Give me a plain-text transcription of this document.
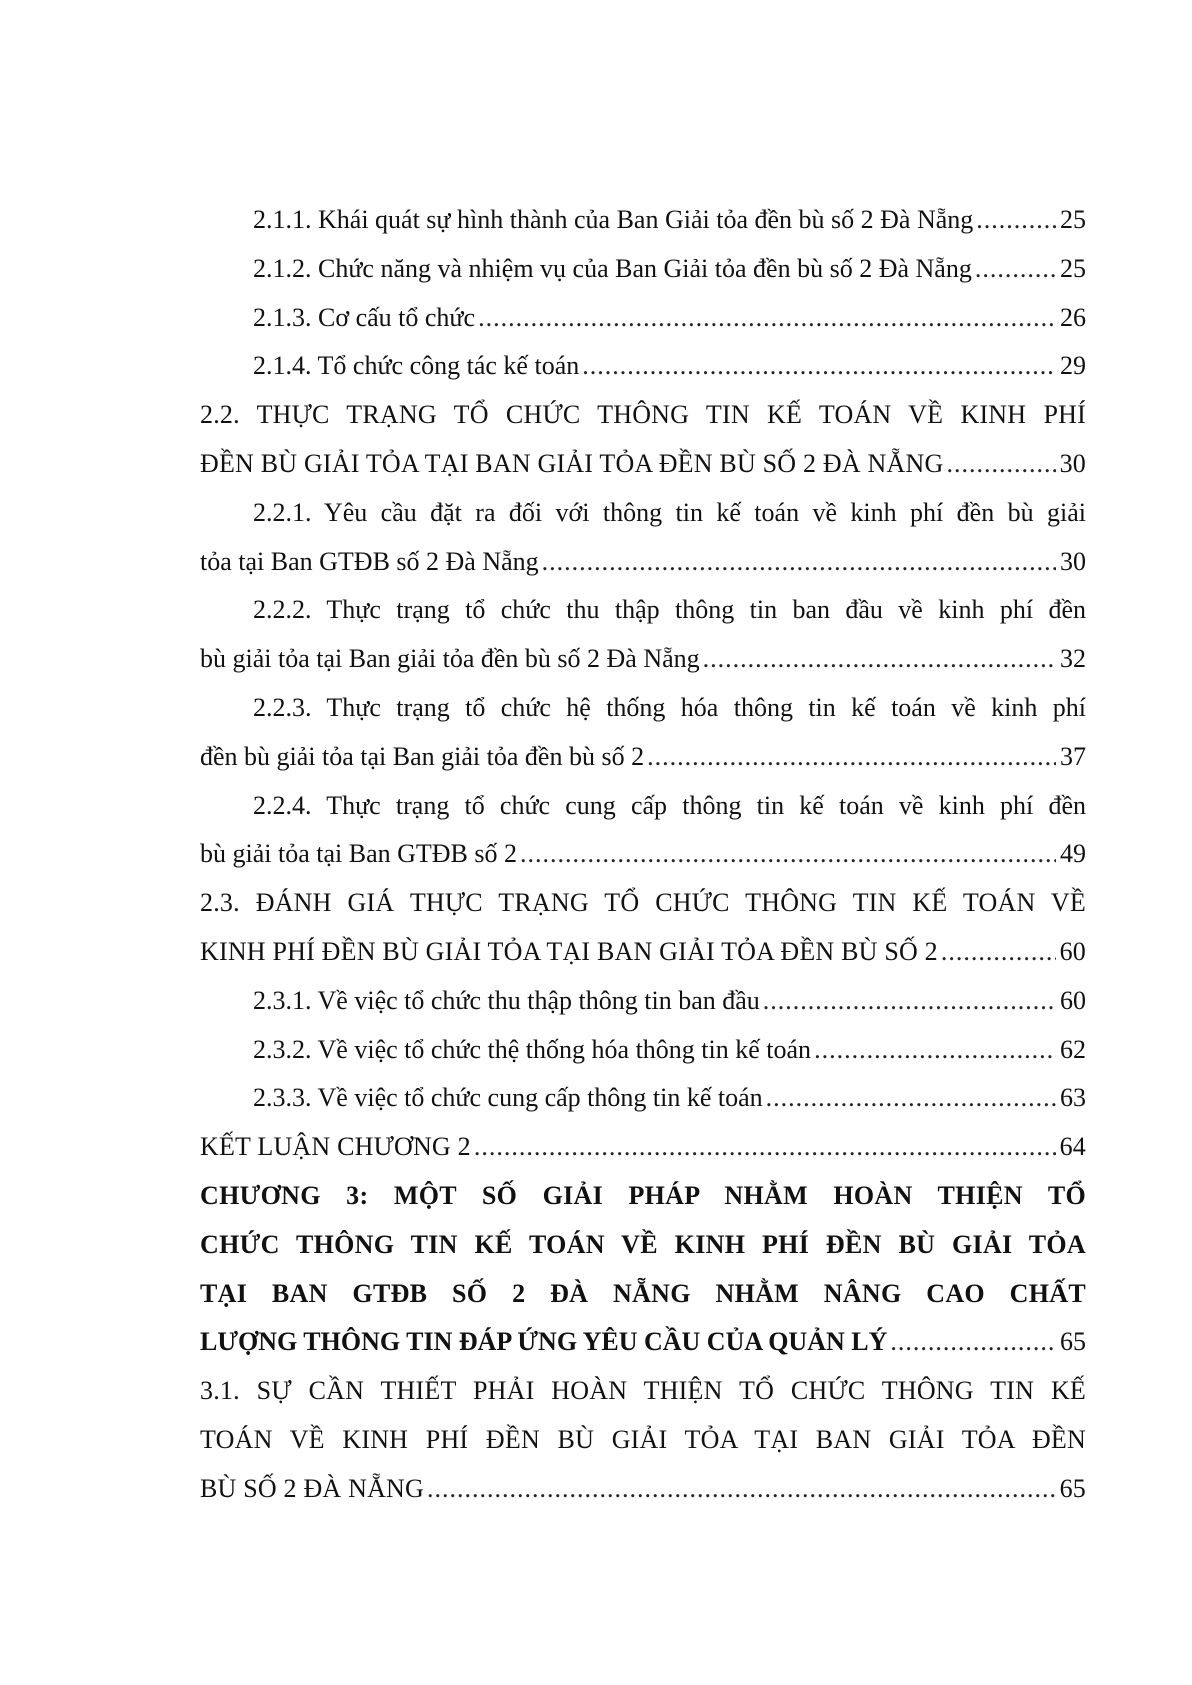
2.1.1. Khái quát sự hình thành của Ban Giải tỏa đền bù số 2 Đà Nẵng .....	25
2.1.2. Chức năng và nhiệm vụ của Ban Giải tỏa đền bù số 2 Đà Nẵng .....	25
2.1.3. Cơ cấu tổ chức .....	26
2.1.4. Tổ chức công tác kế toán .....	29
2.2. THỰC TRẠNG TỔ CHỨC THÔNG TIN KẾ TOÁN VỀ KINH PHÍ
ĐỀN BÙ GIẢI TỎA TẠI BAN GIẢI TỎA ĐỀN BÙ SỐ 2 ĐÀ NẴNG .....	30
2.2.1. Yêu cầu đặt ra đối với thông tin kế toán về kinh phí đền bù giải
tỏa tại Ban GTĐB số 2 Đà Nẵng .....	30
2.2.2. Thực trạng tổ chức thu thập thông tin ban đầu về kinh phí đền
bù giải tỏa tại Ban giải tỏa đền bù số 2 Đà Nẵng .....	32
2.2.3. Thực trạng tổ chức hệ thống hóa thông tin kế toán về kinh phí
đền bù giải tỏa tại Ban giải tỏa đền bù số 2 .....	37
2.2.4. Thực trạng tổ chức cung cấp thông tin kế toán về kinh phí đền
bù giải tỏa tại Ban GTĐB số 2 .....	49
2.3. ĐÁNH GIÁ THỰC TRẠNG TỔ CHỨC THÔNG TIN KẾ TOÁN VỀ
KINH PHÍ ĐỀN BÙ GIẢI TỎA TẠI BAN GIẢI TỎA ĐỀN BÙ SỐ 2 .....	60
2.3.1. Về việc tổ chức thu thập thông tin ban đầu .....	60
2.3.2. Về việc tổ chức thệ thống hóa thông tin kế toán .....	62
2.3.3. Về việc tổ chức cung cấp thông tin kế toán .....	63
KẾT LUẬN CHƯƠNG 2 .....	64
CHƯƠNG 3: MỘT SỐ GIẢI PHÁP NHẰM HOÀN THIỆN TỔ
CHỨC THÔNG TIN KẾ TOÁN VỀ KINH PHÍ ĐỀN BÙ GIẢI TỎA
TẠI BAN GTĐB SỐ 2 ĐÀ NẴNG NHẰM NÂNG CAO CHẤT
LƯỢNG THÔNG TIN ĐÁP ỨNG YÊU CẦU CỦA QUẢN LÝ .....	65
3.1. SỰ CẦN THIẾT PHẢI HOÀN THIỆN TỔ CHỨC THÔNG TIN KẾ
TOÁN VỀ KINH PHÍ ĐỀN BÙ GIẢI TỎA TẠI BAN GIẢI TỎA ĐỀN
BÙ SỐ 2 ĐÀ NẴNG .....	65
